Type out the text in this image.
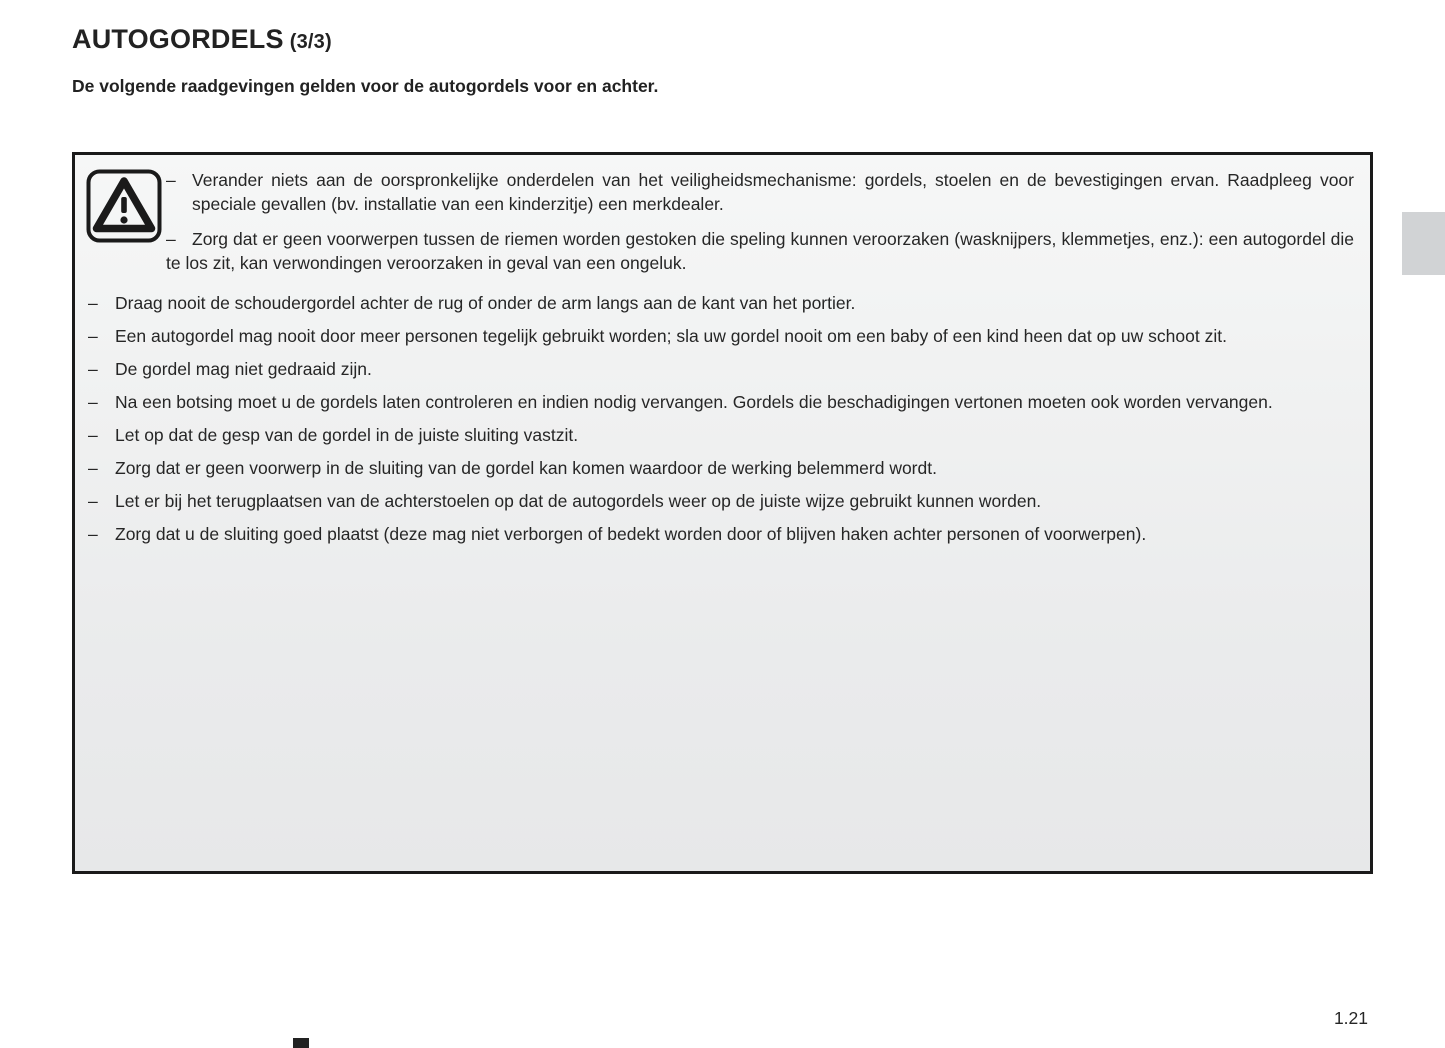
AUTOGORDELS (3/3)
De volgende raadgevingen gelden voor de autogordels voor en achter.
– Verander niets aan de oorspronkelijke onderdelen van het veiligheidsmechanisme: gordels, stoelen en de bevestigingen ervan. Raadpleeg voor speciale gevallen (bv. installatie van een kinderzitje) een merkdealer.
– Zorg dat er geen voorwerpen tussen de riemen worden gestoken die speling kunnen veroorzaken (wasknijpers, klemmetjes, enz.): een autogordel die te los zit, kan verwondingen veroorzaken in geval van een ongeluk.
– Draag nooit de schoudergordel achter de rug of onder de arm langs aan de kant van het portier.
– Een autogordel mag nooit door meer personen tegelijk gebruikt worden; sla uw gordel nooit om een baby of een kind heen dat op uw schoot zit.
– De gordel mag niet gedraaid zijn.
– Na een botsing moet u de gordels laten controleren en indien nodig vervangen. Gordels die beschadigingen vertonen moeten ook worden vervangen.
– Let op dat de gesp van de gordel in de juiste sluiting vastzit.
– Zorg dat er geen voorwerp in de sluiting van de gordel kan komen waardoor de werking belemmerd wordt.
– Let er bij het terugplaatsen van de achterstoelen op dat de autogordels weer op de juiste wijze gebruikt kunnen worden.
– Zorg dat u de sluiting goed plaatst (deze mag niet verborgen of bedekt worden door of blijven haken achter personen of voorwerpen).
1.21
